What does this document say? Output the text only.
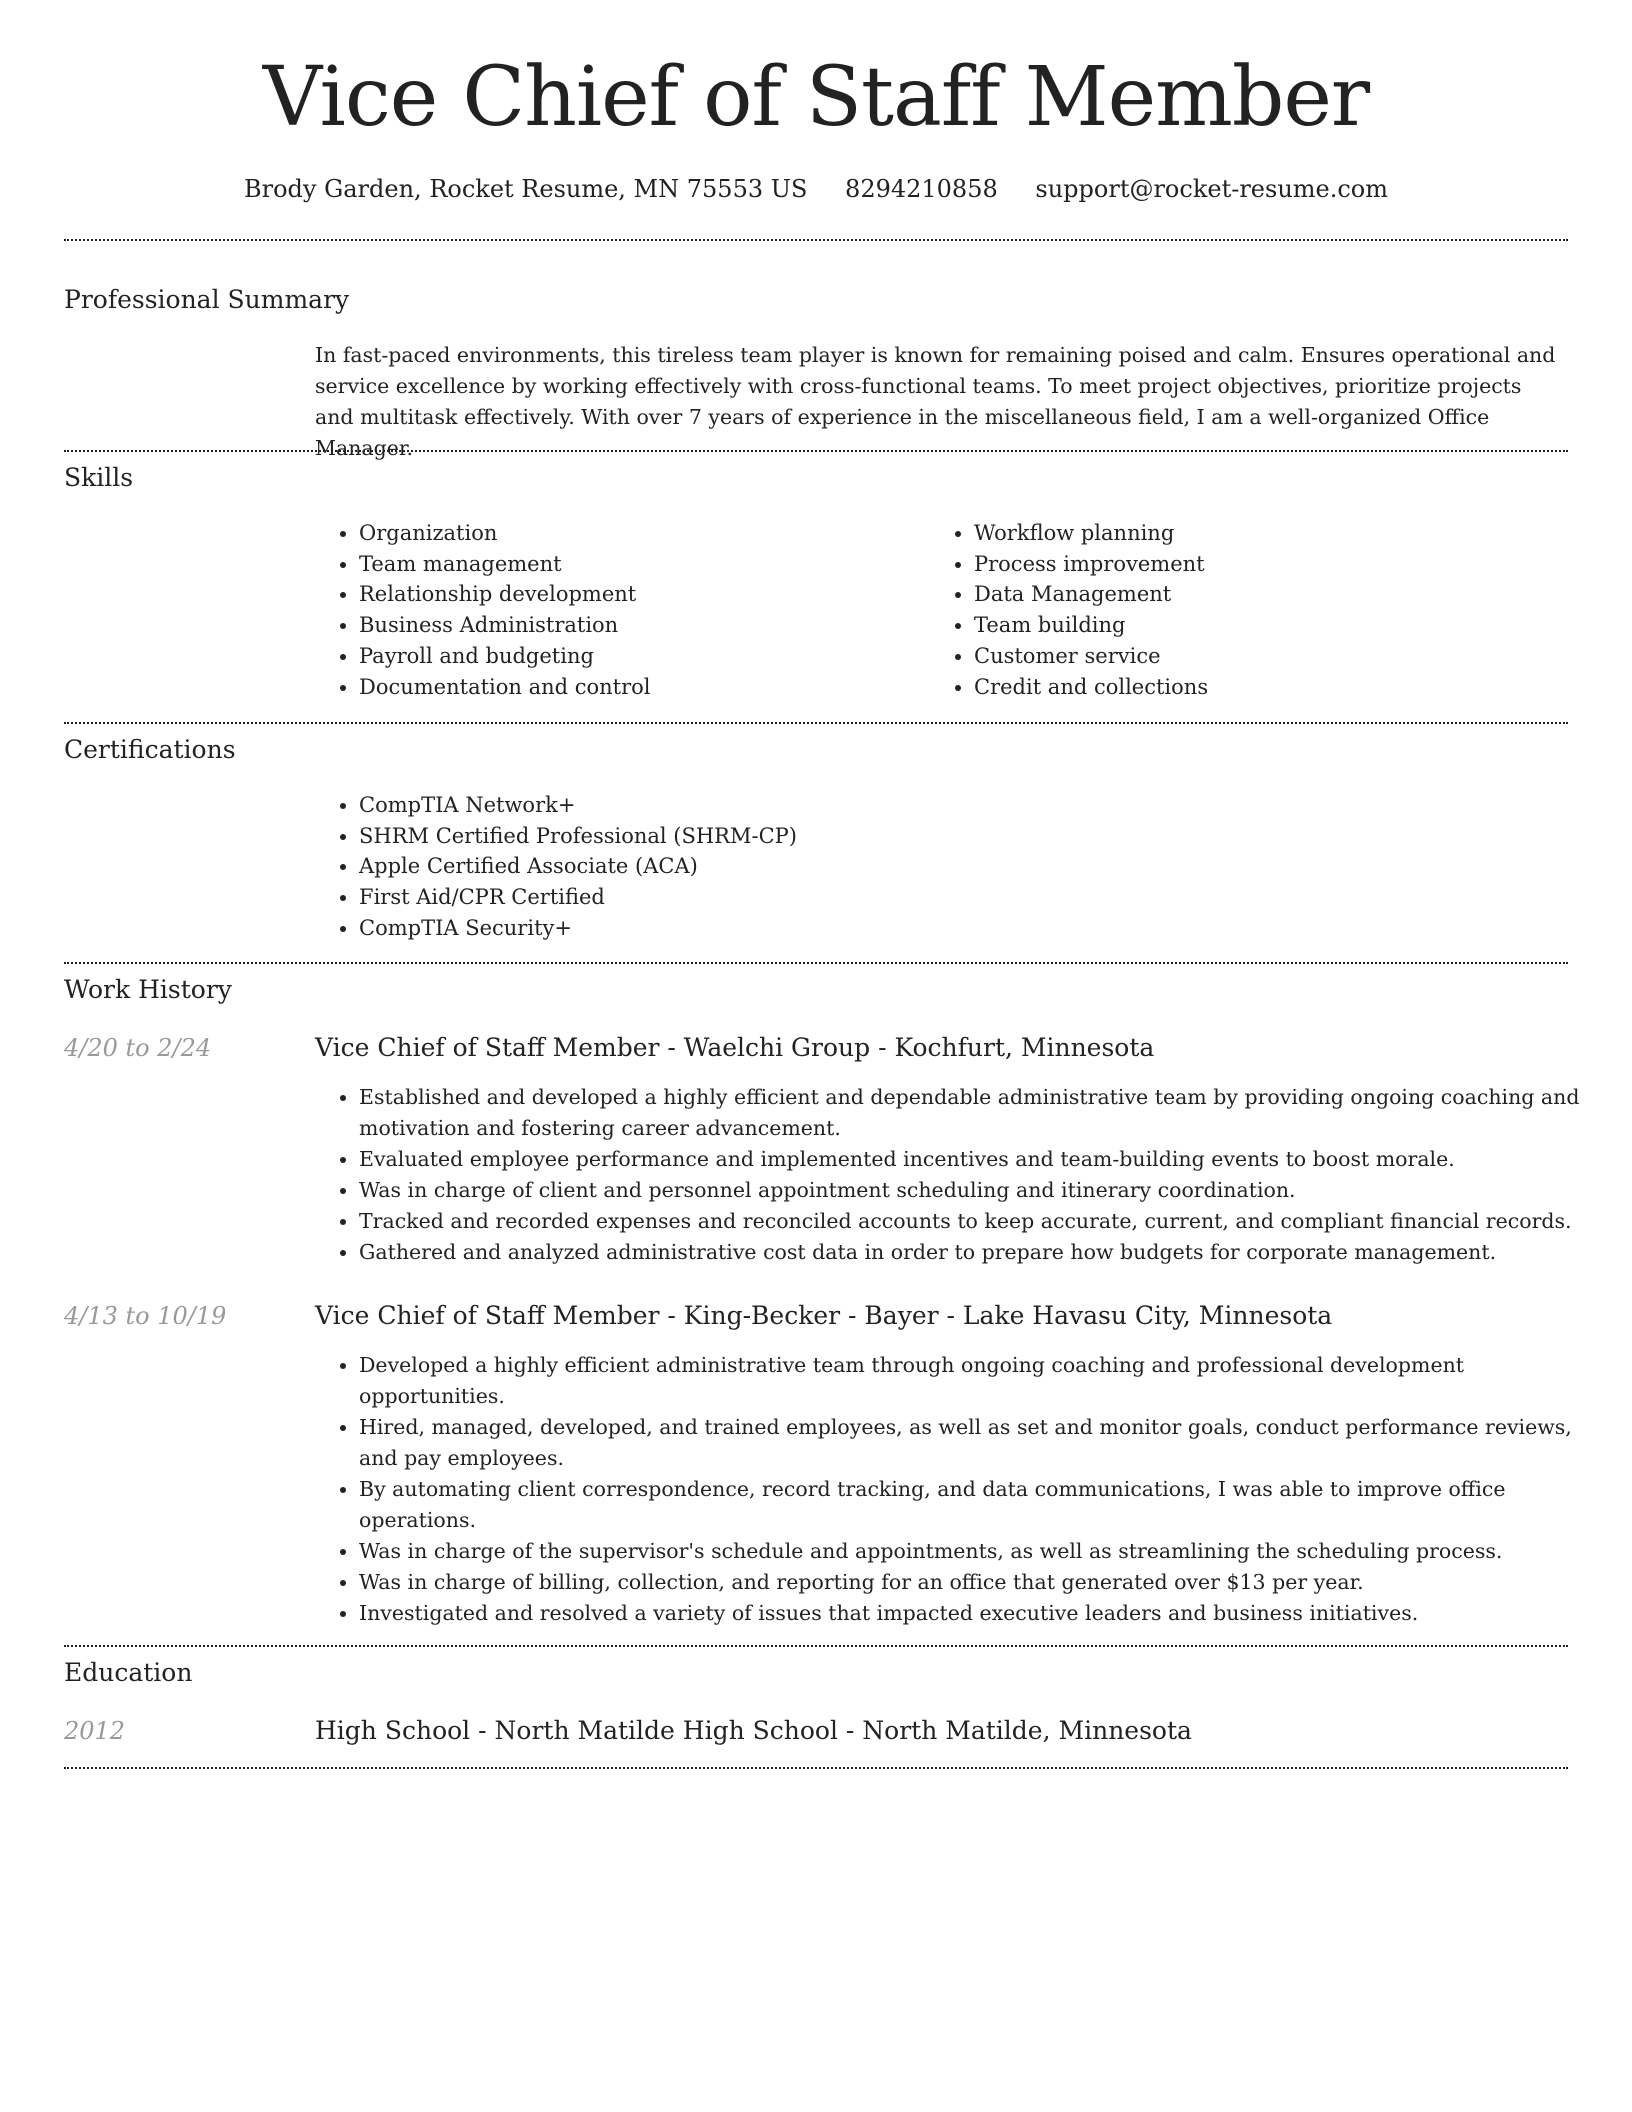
Vice Chief of Staff Member
Brody Garden, Rocket Resume, MN 75553 US 8294210858 support@rocket-resume.com
Professional Summary

In fast-paced environments, this tireless team player is known for remaining poised and calm. Ensures operational and service excellence by working effectively with cross-functional teams. To meet project objectives, prioritize projects and multitask effectively. With over 7 years of experience in the miscellaneous field, I am a well-organized Office Manager.

Skills
• Organization
• Team management
• Relationship development
• Business Administration
• Payroll and budgeting
• Documentation and control
• Workflow planning
• Process improvement
• Data Management
• Team building
• Customer service
• Credit and collections
Certifications
• CompTIA Network+
• SHRM Certified Professional (SHRM-CP)
• Apple Certified Associate (ACA)
• First Aid/CPR Certified
• CompTIA Security+
Work History
4/20 to 2/24	Vice Chief of Staff Member - Waelchi Group - Kochfurt, Minnesota
• Established and developed a highly efficient and dependable administrative team by providing ongoing coaching and motivation and fostering career advancement.
• Evaluated employee performance and implemented incentives and team-building events to boost morale.
• Was in charge of client and personnel appointment scheduling and itinerary coordination.
• Tracked and recorded expenses and reconciled accounts to keep accurate, current, and compliant financial records.
• Gathered and analyzed administrative cost data in order to prepare how budgets for corporate management.
4/13 to 10/19	Vice Chief of Staff Member - King-Becker - Bayer - Lake Havasu City, Minnesota
• Developed a highly efficient administrative team through ongoing coaching and professional development opportunities.
• Hired, managed, developed, and trained employees, as well as set and monitor goals, conduct performance reviews, and pay employees.
• By automating client correspondence, record tracking, and data communications, I was able to improve office operations.
• Was in charge of the supervisor's schedule and appointments, as well as streamlining the scheduling process.
• Was in charge of billing, collection, and reporting for an office that generated over $13 per year.
• Investigated and resolved a variety of issues that impacted executive leaders and business initiatives.
Education
2012	High School - North Matilde High School - North Matilde, Minnesota
